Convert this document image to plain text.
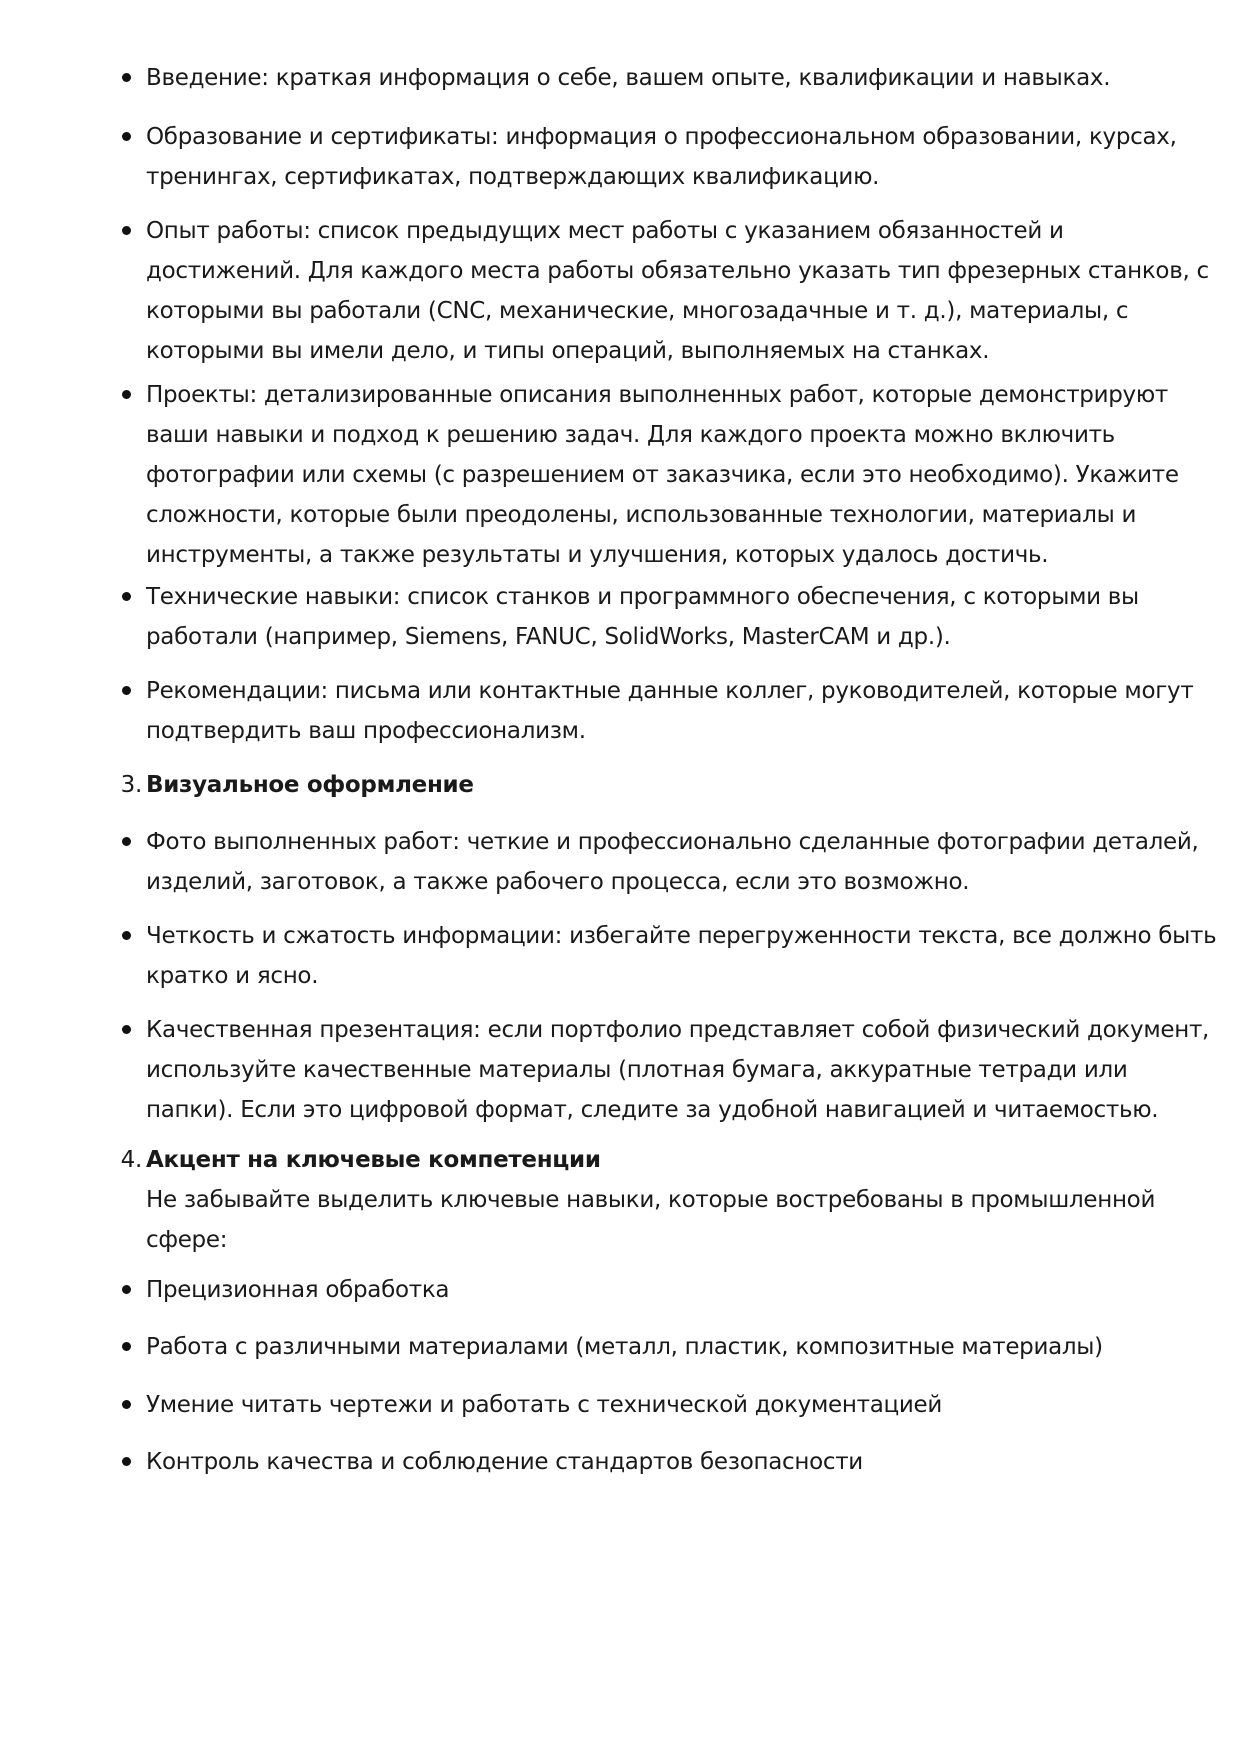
Введение: краткая информация о себе, вашем опыте, квалификации и навыках.
Образование и сертификаты: информация о профессиональном образовании, курсах,
тренингах, сертификатах, подтверждающих квалификацию.
Опыт работы: список предыдущих мест работы с указанием обязанностей и
достижений. Для каждого места работы обязательно указать тип фрезерных станков, с
которыми вы работали (CNC, механические, многозадачные и т. д.), материалы, с
которыми вы имели дело, и типы операций, выполняемых на станках.
Проекты: детализированные описания выполненных работ, которые демонстрируют
ваши навыки и подход к решению задач. Для каждого проекта можно включить
фотографии или схемы (с разрешением от заказчика, если это необходимо). Укажите
сложности, которые были преодолены, использованные технологии, материалы и
инструменты, а также результаты и улучшения, которых удалось достичь.
Технические навыки: список станков и программного обеспечения, с которыми вы
работали (например, Siemens, FANUC, SolidWorks, MasterCAM и др.).
Рекомендации: письма или контактные данные коллег, руководителей, которые могут
подтвердить ваш профессионализм.
3. Визуальное оформление
Фото выполненных работ: четкие и профессионально сделанные фотографии деталей,
изделий, заготовок, а также рабочего процесса, если это возможно.
Четкость и сжатость информации: избегайте перегруженности текста, все должно быть
кратко и ясно.
Качественная презентация: если портфолио представляет собой физический документ,
используйте качественные материалы (плотная бумага, аккуратные тетради или
папки). Если это цифровой формат, следите за удобной навигацией и читаемостью.
4. Акцент на ключевые компетенции
Не забывайте выделить ключевые навыки, которые востребованы в промышленной
сфере:
Прецизионная обработка
Работа с различными материалами (металл, пластик, композитные материалы)
Умение читать чертежи и работать с технической документацией
Контроль качества и соблюдение стандартов безопасности
